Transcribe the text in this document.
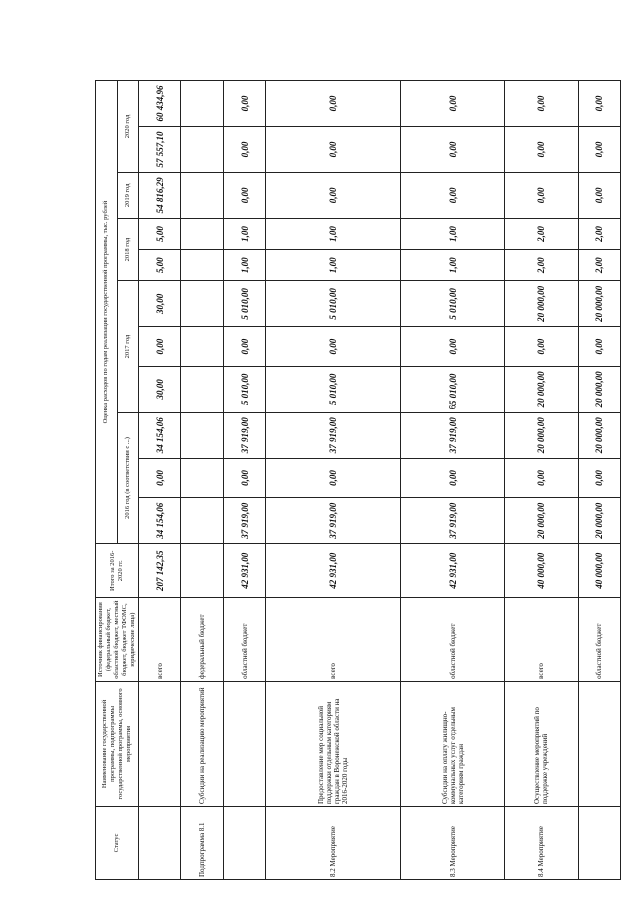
Статус	Наименование государственной программы, подпрограммы государственной программы, основного мероприятия	Источник финансирования (федеральный бюджет, областной бюджет, местный бюджет, бюджет ТФОМС, юридические лица)	Итого за 2016-2020 гг.	Оценка расходов по годам реализации государственной программы, тыс. рублей										
				2016 год (в соответствии с ...)			2017 год			2018 год		2019 год	2020 год	
		всего	207 142,35	34 154,06	0,00	34 154,06	30,00	0,00	30,00	5,00	5,00	54 816,29	57 557,10	60 434,96
Подпрограмма 8.1	Субсидии на реализацию мероприятий	федеральный бюджет												
		областной бюджет	42 931,00	37 919,00	0,00	37 919,00	5 010,00	0,00	5 010,00	1,00	1,00	0,00	0,00	0,00
8.2 Мероприятие	Предоставление мер социальной поддержки отдельным категориям граждан в Воронежской области на 2016-2020 годы	всего	42 931,00	37 919,00	0,00	37 919,00	5 010,00	0,00	5 010,00	1,00	1,00	0,00	0,00	0,00
8.3 Мероприятие	Субсидии на оплату жилищно-коммунальных услуг отдельным категориям граждан	областной бюджет	42 931,00	37 919,00	0,00	37 919,00	5 010,00	0,00	5 010,00	1,00	1,00	0,00	0,00	0,00
8.4 Мероприятие	Осуществление мероприятий по поддержке учреждений	всего	40 000,00	20 000,00	0,00	20 000,00	20 000,00	0,00	20 000,00	2,00	2,00	0,00	0,00	0,00
		областной бюджет	40 000,00	20 000,00	0,00	20 000,00	20 000,00	0,00	20 000,00	2,00	2,00	0,00	0,00	0,00
6
